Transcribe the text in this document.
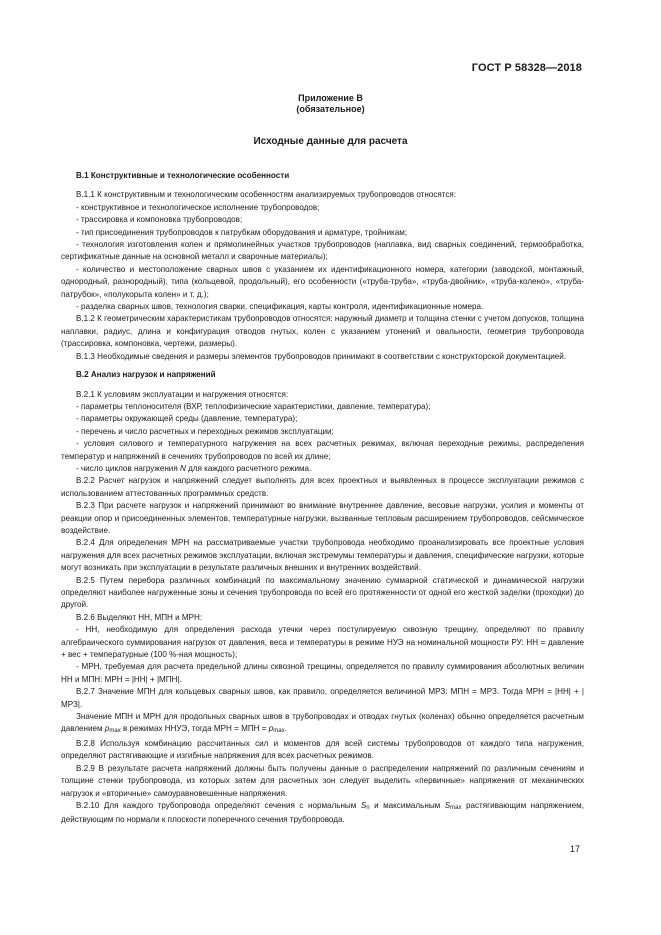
ГОСТ Р 58328—2018
Приложение В
(обязательное)
Исходные данные для расчета

В.1 Конструктивные и технологические особенности

В.1.1 К конструктивным и технологическим особенностям анализируемых трубопроводов относятся:

- конструктивное и технологическое исполнение трубопроводов;

- трассировка и компоновка трубопроводов;

- тип присоединения трубопроводов к патрубкам оборудования и арматуре, тройникам;

- технология изготовления колен и прямолинейных участков трубопроводов (наплавка, вид сварных соединений, термообработка, сертификатные данные на основной металл и сварочные материалы);

- количество и местоположение сварных швов с указанием их идентификационного номера, категории (заводской, монтажный, однородный, разнородный), типа (кольцевой, продольный), его особенности («труба-труба», «труба-двойник», «труба-колено», «труба-патрубок», «полукорыта колен» и т. д.);

- разделка сварных швов, технология сварки, спецификация, карты контроля, идентификационные номера.

В.1.2 К геометрическим характеристикам трубопроводов относятся: наружный диаметр и толщина стенки с учетом допусков, толщина наплавки, радиус, длина и конфигурация отводов гнутых, колен с указанием утонений и овальности, геометрия трубопровода (трассировка, компоновка, чертежи, размеры).

В.1.3 Необходимые сведения и размеры элементов трубопроводов принимают в соответствии с конструкторской документацией.

В.2 Анализ нагрузок и напряжений

В.2.1 К условиям эксплуатации и нагружения относятся:

- параметры теплоносителя (ВХР, теплофизические характеристики, давление, температура);

- параметры окружающей среды (давление, температура);

- перечень и число расчетных и переходных режимов эксплуатации;

- условия силового и температурного нагружения на всех расчетных режимах, включая переходные режимы, распределения температур и напряжений в сечениях трубопроводов по всей их длине;

- число циклов нагружения N для каждого расчетного режима.

В.2.2 Расчет нагрузок и напряжений следует выполнять для всех проектных и выявленных в процессе эксплуатации режимов с использованием аттестованных программных средств.

В.2.3 При расчете нагрузок и напряжений принимают во внимание внутреннее давление, весовые нагрузки, усилия и моменты от реакции опор и присоединенных элементов, температурные нагрузки, вызванные тепловым расширением трубопроводов, сейсмическое воздействие.

В.2.4 Для определения МРН на рассматриваемые участки трубопровода необходимо проанализировать все проектные условия нагружения для всех расчетных режимов эксплуатации, включая экстремумы температуры и давления, специфические нагрузки, которые могут возникать при эксплуатации в результате различных внешних и внутренних воздействий.

В.2.5 Путем перебора различных комбинаций по максимальному значению суммарной статической и динамической нагрузки определяют наиболее нагруженные зоны и сечения трубопровода по всей его протяженности от одной его жесткой заделки (проходки) до другой.

В.2.6 Выделяют НН, МПН и МРН:

- НН, необходимую для определения расхода утечки через постулируемую сквозную трещину, определяют по правилу алгебраического суммирования нагрузок от давления, веса и температуры в режиме НУЭ на номинальной мощности РУ: НН = давление + вес + температурные (100 %-ная мощность);

- МРН, требуемая для расчета предельной длины сквозной трещины, определяется по правилу суммирования абсолютных величин НН и МПН: МРН = |НН| + |МПН|.

В.2.7 Значение МПН для кольцевых сварных швов, как правило, определяется величиной МРЗ: МПН = МРЗ. Тогда МРН = |НН| + |МРЗ|.

Значение МПН и МРН для продольных сварных швов в трубопроводах и отводах гнутых (коленах) обычно определяется расчетным давлением $p_{max}$ в режимах ННУЭ, тогда МРН = МПН = $p_{max}$.

В.2.8 Используя комбинацию рассчитанных сил и моментов для всей системы трубопроводов от каждого типа нагружения, определяют растягивающие и изгибные напряжения для всех расчетных режимов.

В.2.9 В результате расчета напряжений должны быть получены данные о распределении напряжений по различным сечениям и толщине стенки трубопровода, из которых затем для расчетных зон следует выделить «первичные» напряжения от механических нагрузок и «вторичные» самоуравновешенные напряжения.

В.2.10 Для каждого трубопровода определяют сечения с нормальным $S_n$ и максимальным $S_{max}$ растягивающим напряжением, действующим по нормали к плоскости поперечного сечения трубопровода.

17
